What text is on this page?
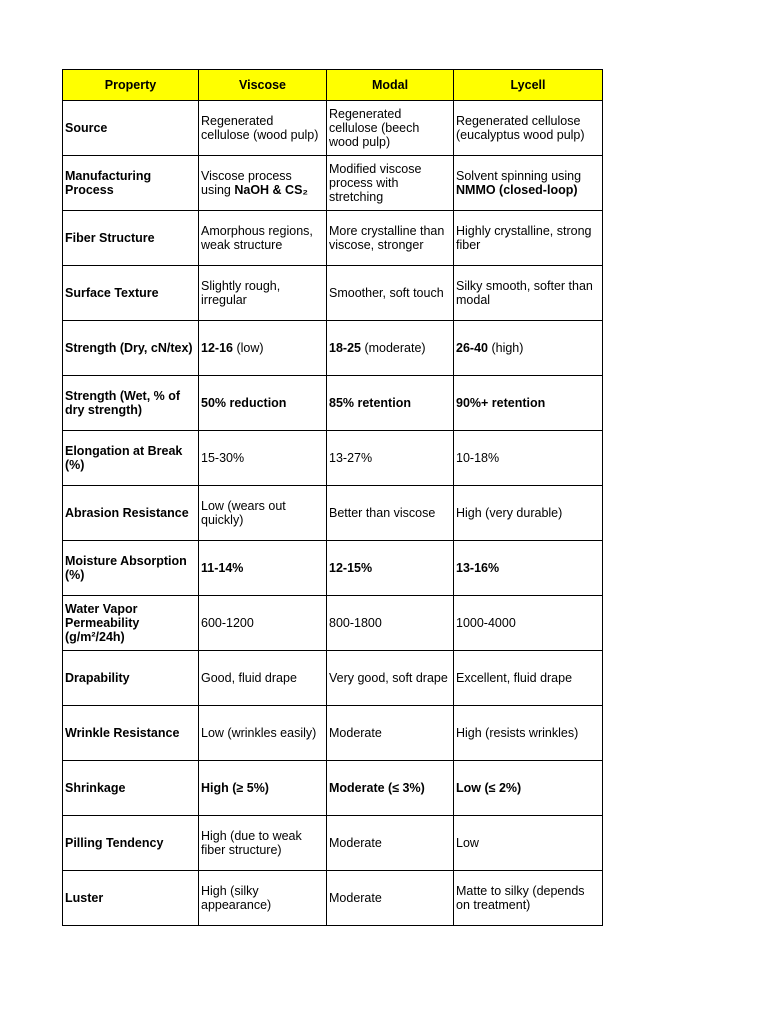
Property	Viscose	Modal	Lycell
Source	Regenerated cellulose (wood pulp)	Regenerated cellulose (beech wood pulp)	Regenerated cellulose (eucalyptus wood pulp)
Manufacturing Process	Viscose process using NaOH & CS₂	Modified viscose process with stretching	Solvent spinning using NMMO (closed-loop)
Fiber Structure	Amorphous regions, weak structure	More crystalline than viscose, stronger	Highly crystalline, strong fiber
Surface Texture	Slightly rough, irregular	Smoother, soft touch	Silky smooth, softer than modal
Strength (Dry, cN/tex)	12-16 (low)	18-25 (moderate)	26-40 (high)
Strength (Wet, % of dry strength)	50% reduction	85% retention	90%+ retention
Elongation at Break (%)	15-30%	13-27%	10-18%
Abrasion Resistance	Low (wears out quickly)	Better than viscose	High (very durable)
Moisture Absorption (%)	11-14%	12-15%	13-16%
Water Vapor Permeability (g/m²/24h)	600-1200	800-1800	1000-4000
Drapability	Good, fluid drape	Very good, soft drape	Excellent, fluid drape
Wrinkle Resistance	Low (wrinkles easily)	Moderate	High (resists wrinkles)
Shrinkage	High (≥ 5%)	Moderate (≤ 3%)	Low (≤ 2%)
Pilling Tendency	High (due to weak fiber structure)	Moderate	Low
Luster	High (silky appearance)	Moderate	Matte to silky (depends on treatment)
